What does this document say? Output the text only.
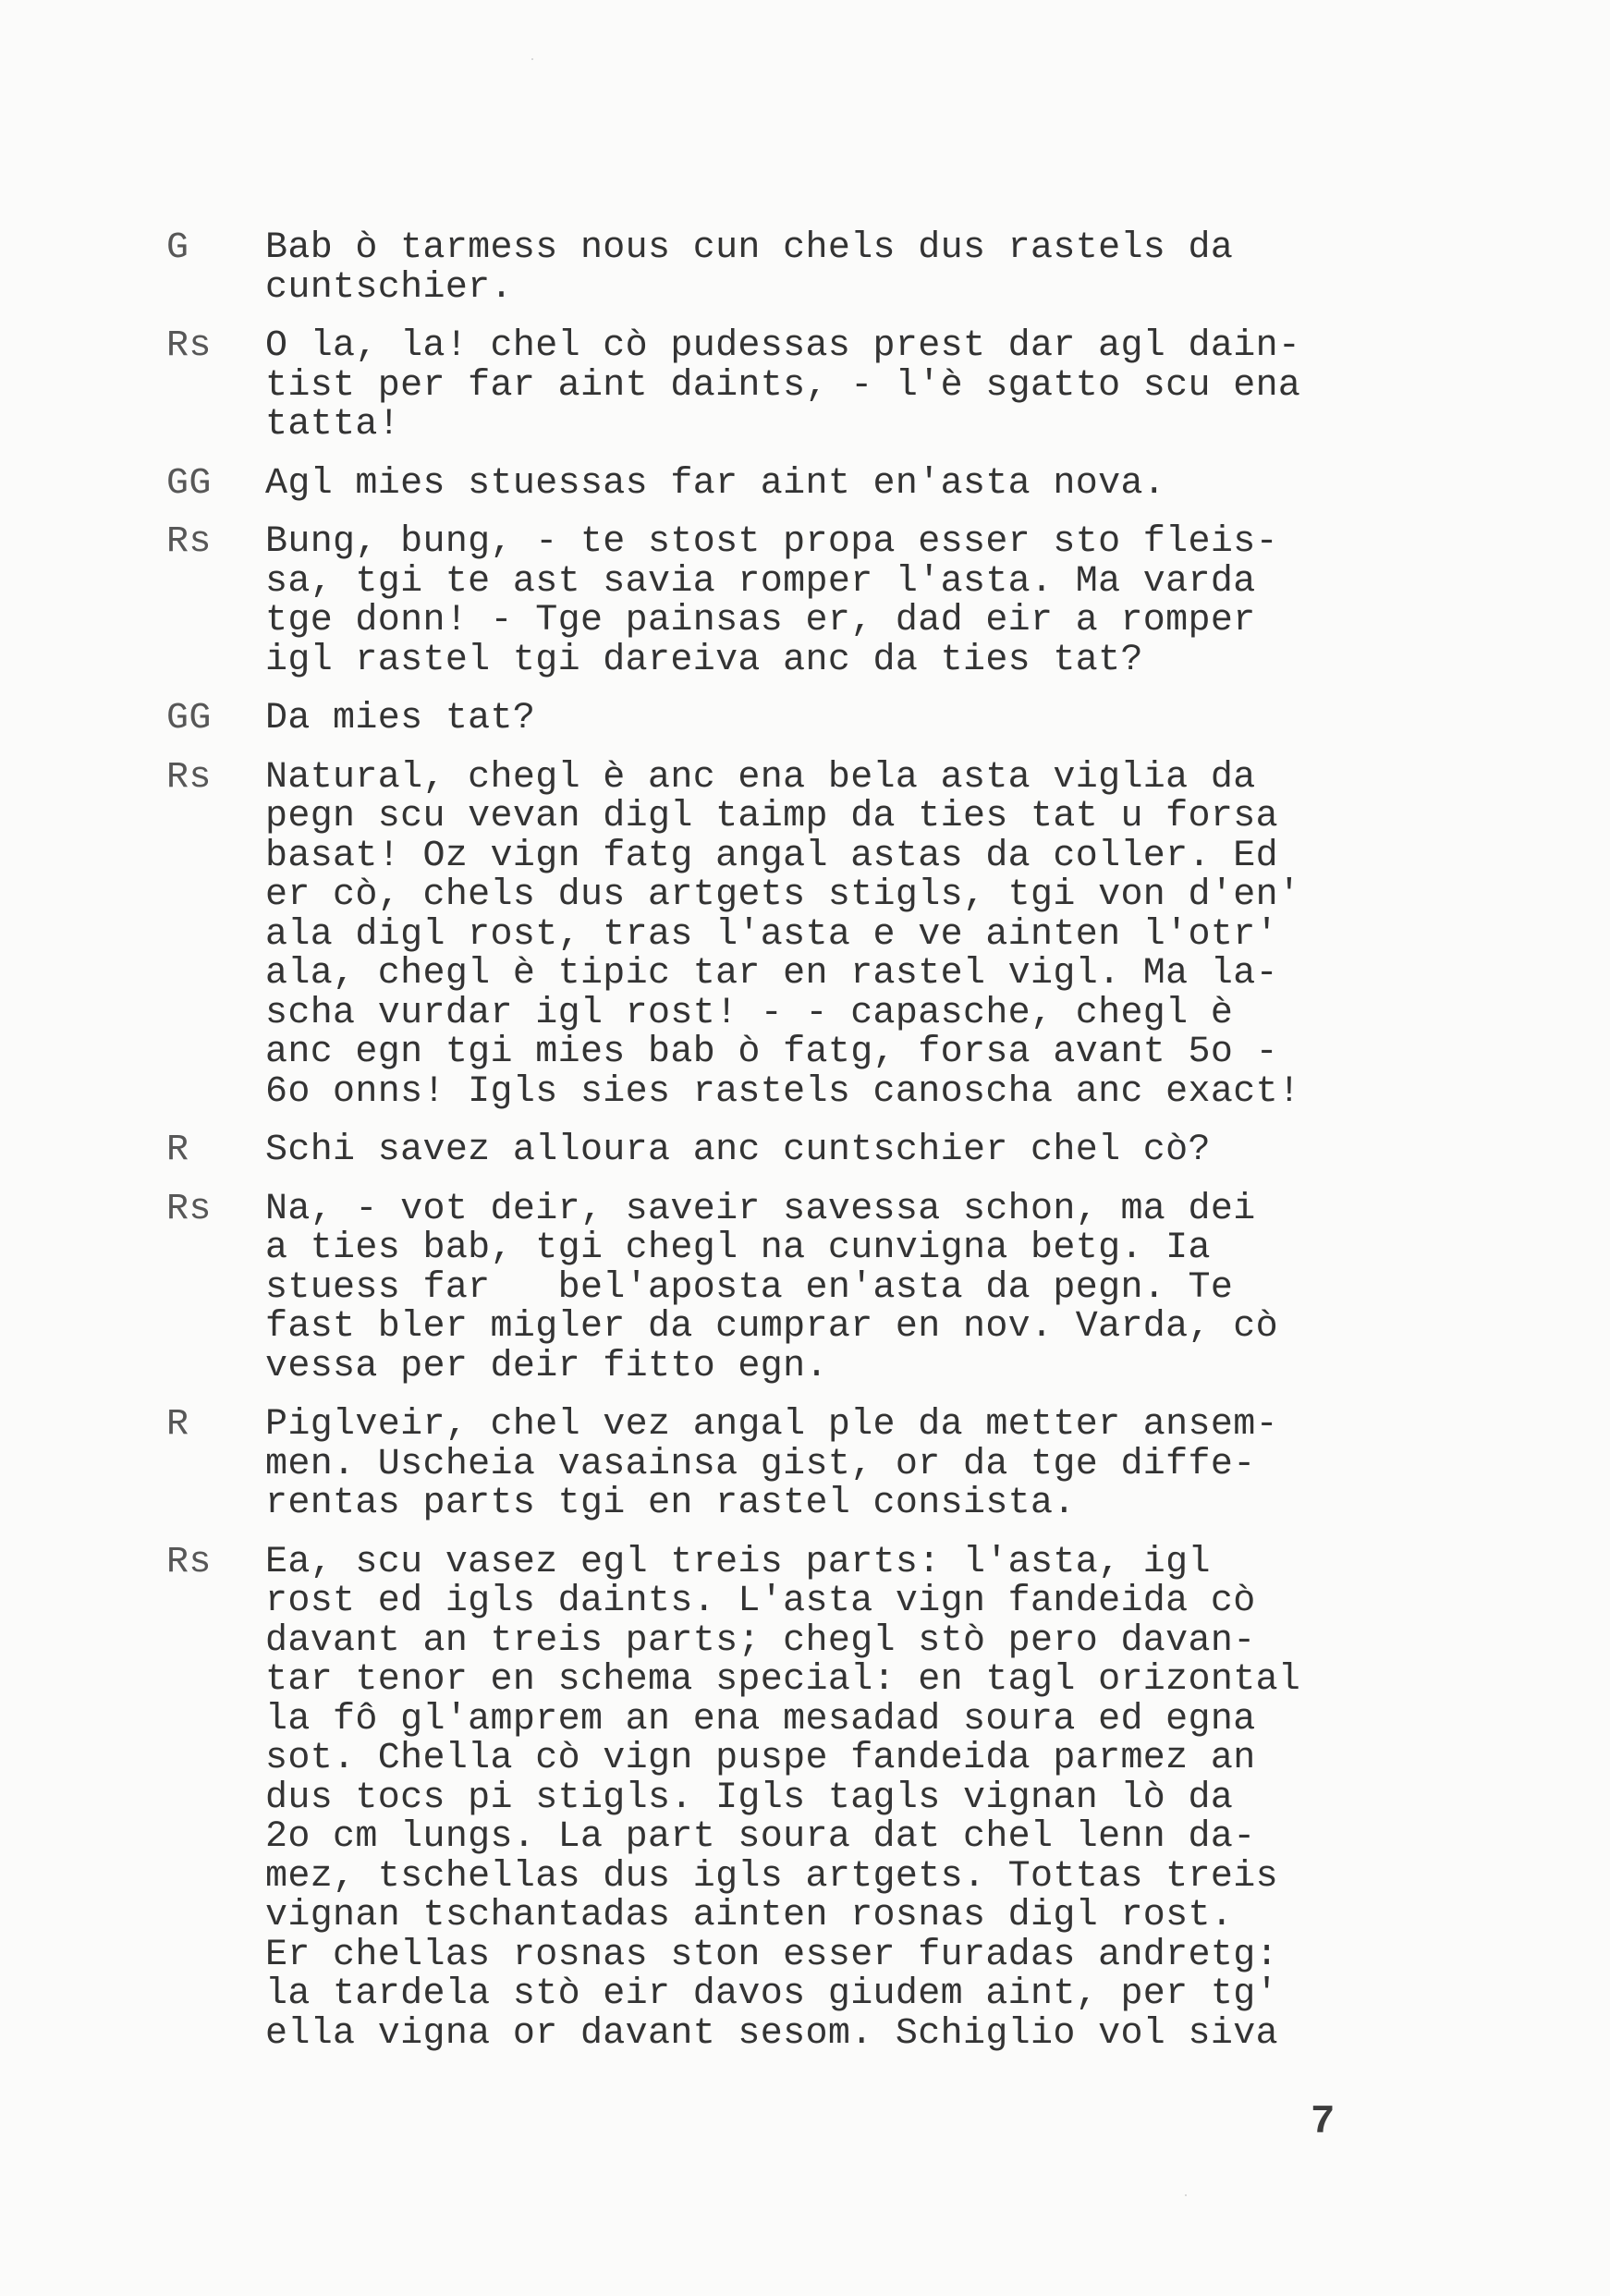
G	Bab ò tarmess nous cun chels dus rastels da
cuntschier.
Rs	O la, la! chel cò pudessas prest dar agl dain-
tist per far aint daints, - l'è sgatto scu ena
tatta!
GG	Agl mies stuessas far aint en'asta nova.
Rs	Bung, bung, - te stost propa esser sto fleis-
sa, tgi te ast savia romper l'asta. Ma varda
tge donn! - Tge painsas er, dad eir a romper
igl rastel tgi dareiva anc da ties tat?
GG	Da mies tat?
Rs	Natural, chegl è anc ena bela asta viglia da
pegn scu vevan digl taimp da ties tat u forsa
basat! Oz vign fatg angal astas da coller. Ed
er cò, chels dus artgets stigls, tgi von d'en'
ala digl rost, tras l'asta e ve ainten l'otr'
ala, chegl è tipic tar en rastel vigl. Ma la-
scha vurdar igl rost! - - capasche, chegl è
anc egn tgi mies bab ò fatg, forsa avant 5o -
6o onns! Igls sies rastels canoscha anc exact!
R	Schi savez alloura anc cuntschier chel cò?
Rs	Na, - vot deir, saveir savessa schon, ma dei
a ties bab, tgi chegl na cunvigna betg. Ia
stuess far   bel'aposta en'asta da pegn. Te
fast bler migler da cumprar en nov. Varda, cò
vessa per deir fitto egn.
R	Piglveir, chel vez angal ple da metter ansem-
men. Uscheia vasainsa gist, or da tge diffe-
rentas parts tgi en rastel consista.
Rs	Ea, scu vasez egl treis parts: l'asta, igl
rost ed igls daints. L'asta vign fandeida cò
davant an treis parts; chegl stò pero davan-
tar tenor en schema special: en tagl orizontal
la fô gl'amprem an ena mesadad soura ed egna
sot. Chella cò vign puspe fandeida parmez an
dus tocs pi stigls. Igls tagls vignan lò da
2o cm lungs. La part soura dat chel lenn da-
mez, tschellas dus igls artgets. Tottas treis
vignan tschantadas ainten rosnas digl rost.
Er chellas rosnas ston esser furadas andretg:
la tardela stò eir davos giudem aint, per tg'
ella vigna or davant sesom. Schiglio vol siva
7
